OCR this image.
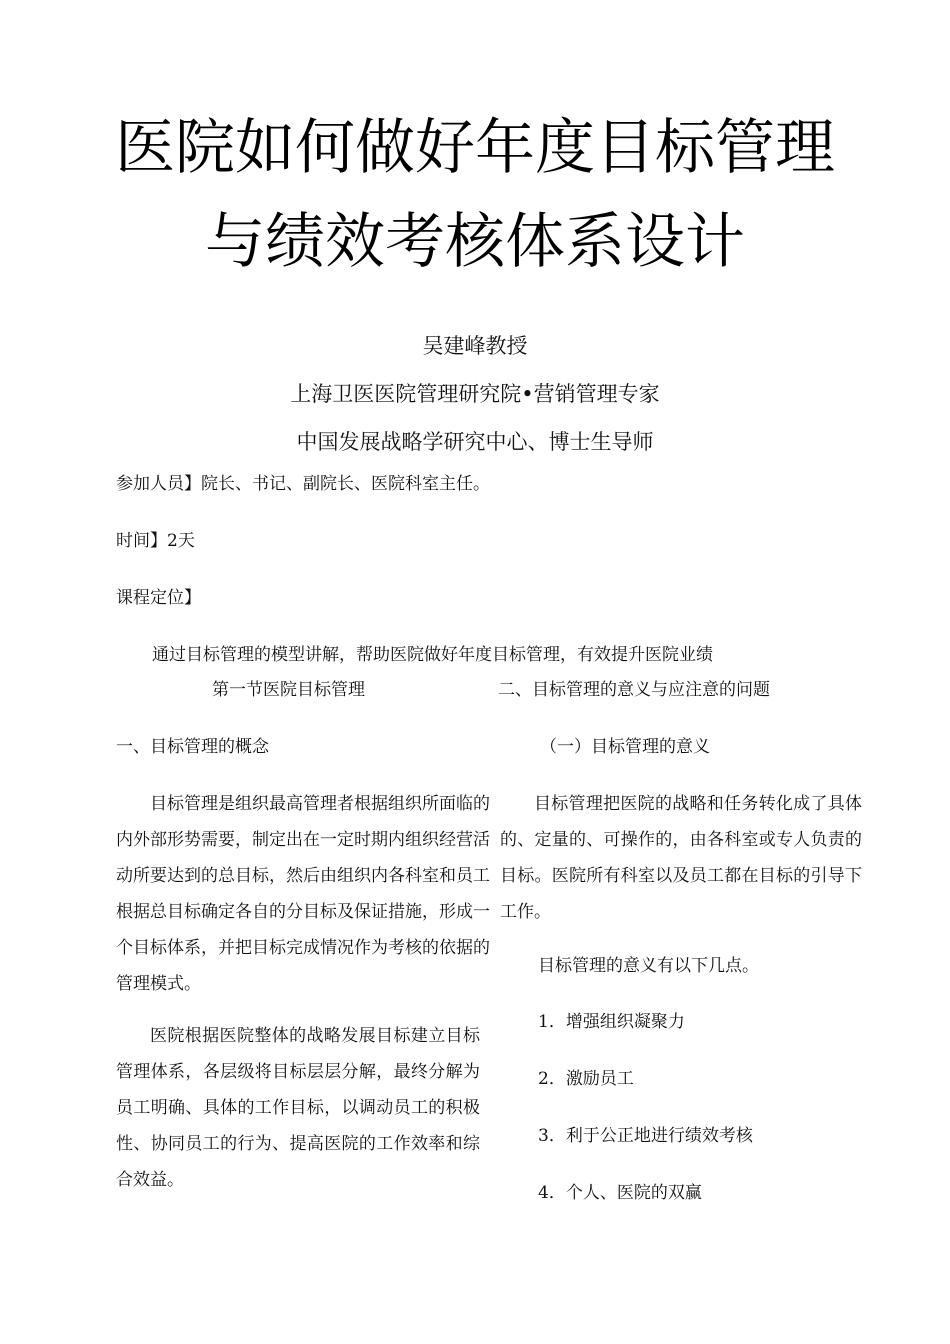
医院如何做好年度目标管理
与绩效考核体系设计
吴建峰教授
上海卫医医院管理研究院•营销管理专家
中国发展战略学研究中心、博士生导师
参加人员】院长、书记、副院长、医院科室主任。
时间】2天
课程定位】
通过目标管理的模型讲解，帮助医院做好年度目标管理，有效提升医院业绩
第一节医院目标管理	二、目标管理的意义与应注意的问题
一、目标管理的概念	（一）目标管理的意义

目标管理是组织最高管理者根据组织所面临的内外部形势需要，制定出在一定时期内组织经营活动所要达到的总目标，然后由组织内各科室和员工根据总目标确定各自的分目标及保证措施，形成一个目标体系，并把目标完成情况作为考核的依据的管理模式。

医院根据医院整体的战略发展目标建立目标管理体系，各层级将目标层层分解，最终分解为员工明确、具体的工作目标，以调动员工的积极性、协同员工的行为、提高医院的工作效率和综合效益。

目标管理把医院的战略和任务转化成了具体的、定量的、可操作的，由各科室或专人负责的目标。医院所有科室以及员工都在目标的引导下工作。

目标管理的意义有以下几点。
1．增强组织凝聚力
2．激励员工
3．利于公正地进行绩效考核
4．个人、医院的双赢
